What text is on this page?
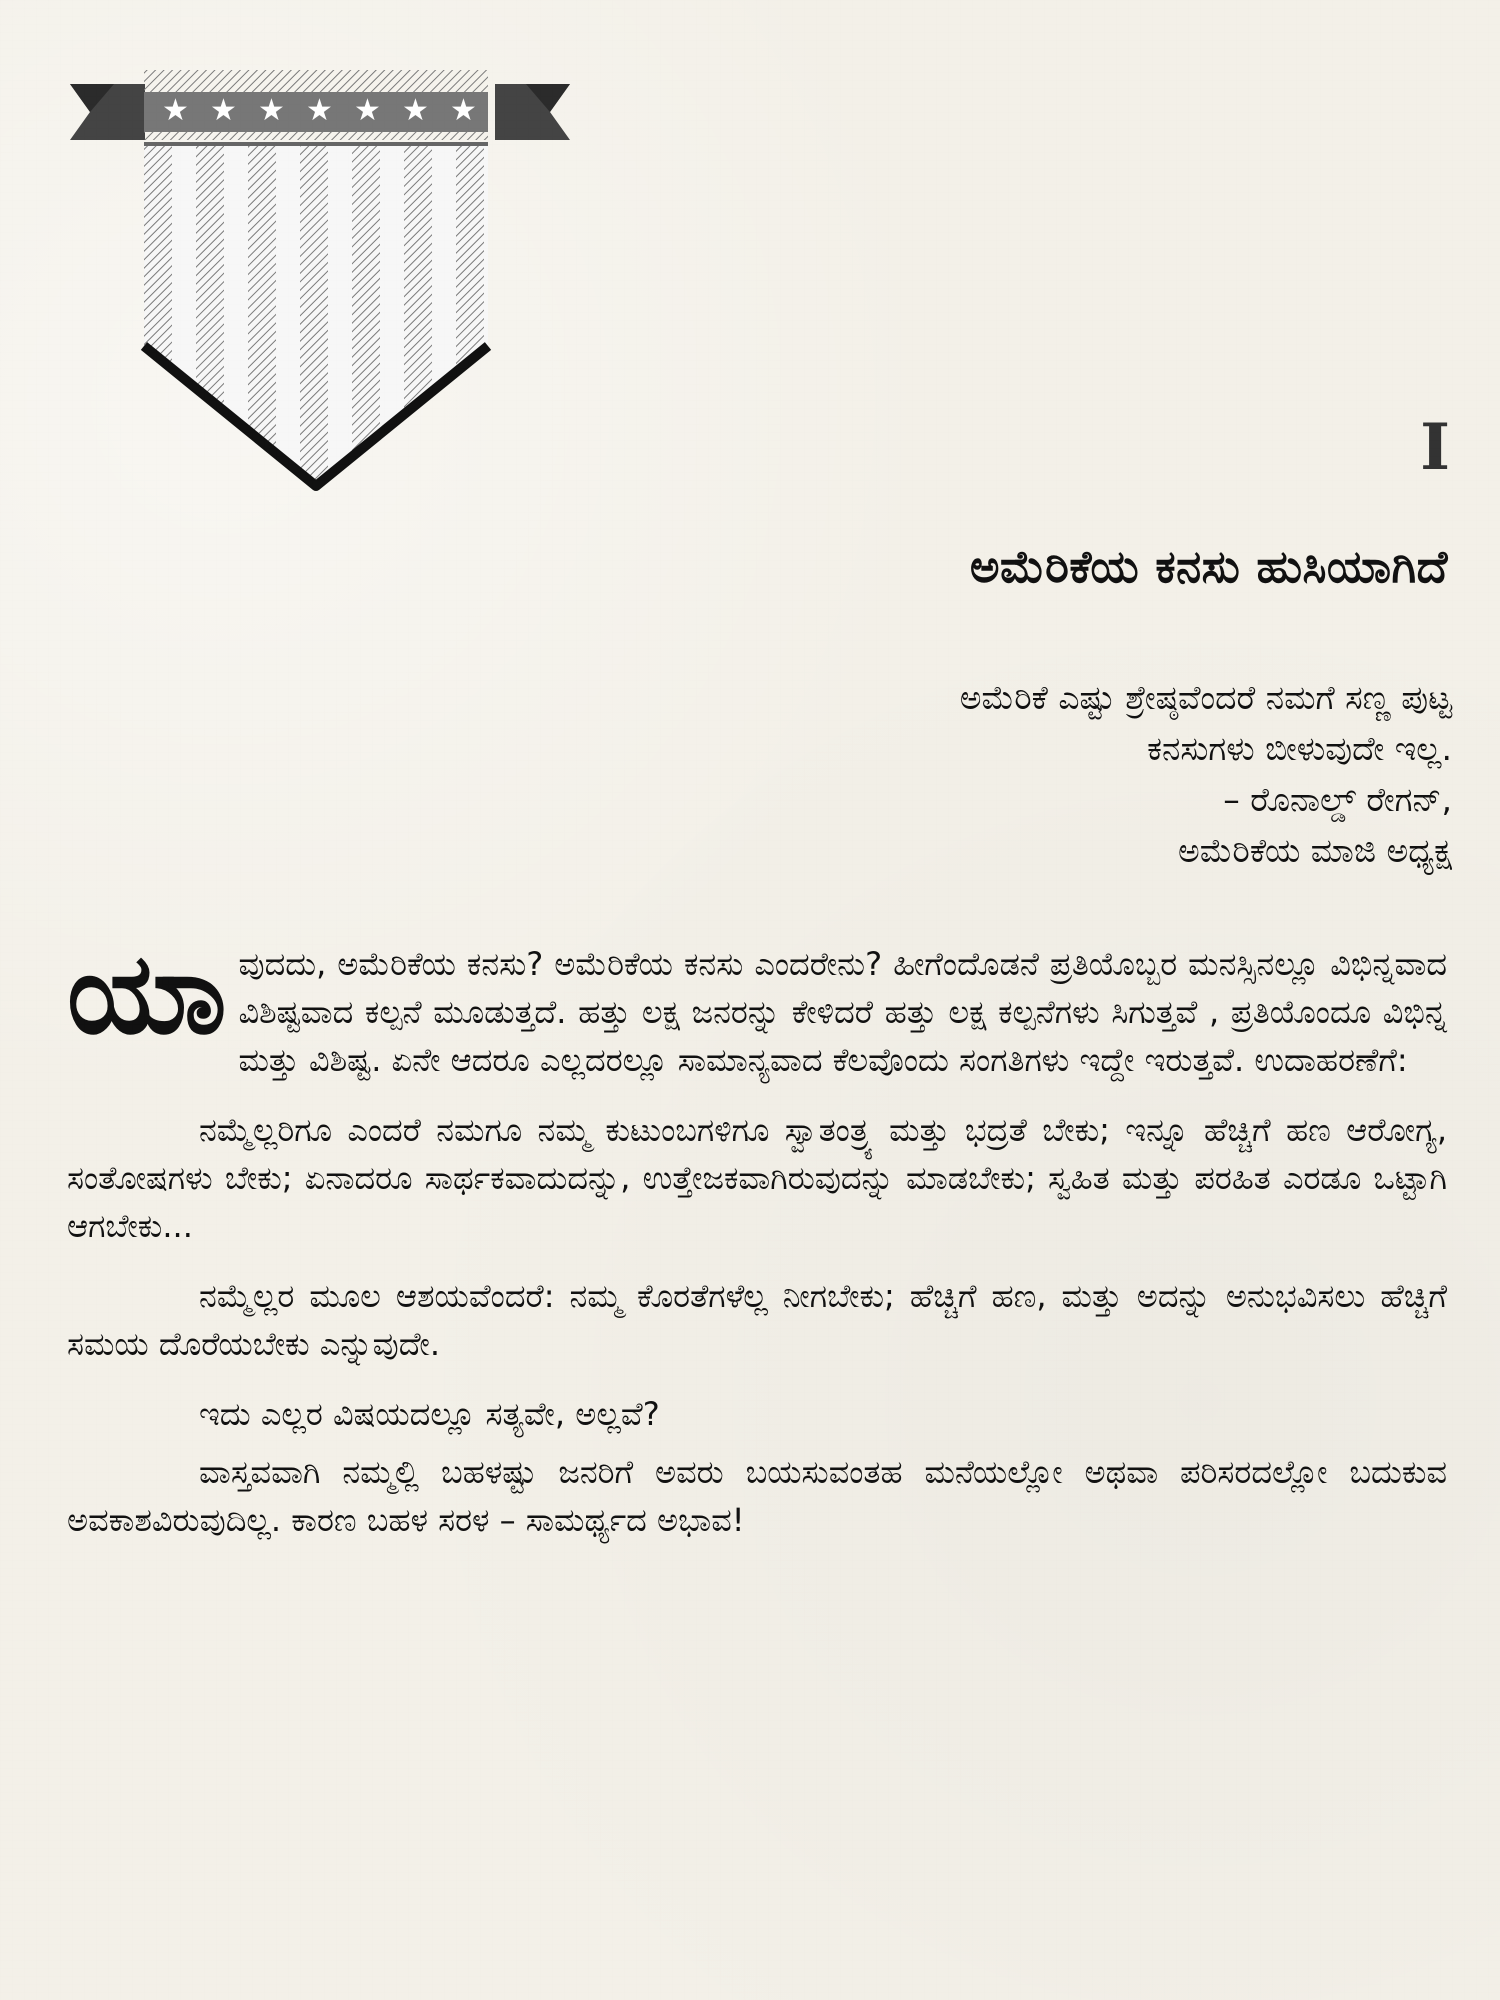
★ ★ ★ ★ ★ ★ ★
I
ಅಮೆರಿಕೆಯ ಕನಸು ಹುಸಿಯಾಗಿದೆ
ಅಮೆರಿಕೆ ಎಷ್ಟು ಶ್ರೇಷ್ಠವೆಂದರೆ ನಮಗೆ ಸಣ್ಣ ಪುಟ್ಟ
ಕನಸುಗಳು ಬೀಳುವುದೇ ಇಲ್ಲ.
– ರೊನಾಲ್ಡ್ ರೇಗನ್,
ಅಮೆರಿಕೆಯ ಮಾಜಿ ಅಧ್ಯಕ್ಷ

ಯಾ ವುದದು, ಅಮೆರಿಕೆಯ ಕನಸು? ಅಮೆರಿಕೆಯ ಕನಸು ಎಂದರೇನು? ಹೀಗೆಂದೊಡನೆ ಪ್ರತಿಯೊಬ್ಬರ ಮನಸ್ಸಿನಲ್ಲೂ ವಿಭಿನ್ನವಾದ ವಿಶಿಷ್ಟವಾದ ಕಲ್ಪನೆ ಮೂಡುತ್ತದೆ. ಹತ್ತು ಲಕ್ಷ ಜನರನ್ನು ಕೇಳಿದರೆ ಹತ್ತು ಲಕ್ಷ ಕಲ್ಪನೆಗಳು ಸಿಗುತ್ತವೆ , ಪ್ರತಿಯೊಂದೂ ವಿಭಿನ್ನ ಮತ್ತು ವಿಶಿಷ್ಟ. ಏನೇ ಆದರೂ ಎಲ್ಲದರಲ್ಲೂ ಸಾಮಾನ್ಯವಾದ ಕೆಲವೊಂದು ಸಂಗತಿಗಳು ಇದ್ದೇ ಇರುತ್ತವೆ. ಉದಾಹರಣೆಗೆ:

ನಮ್ಮೆಲ್ಲರಿಗೂ ಎಂದರೆ ನಮಗೂ ನಮ್ಮ ಕುಟುಂಬಗಳಿಗೂ ಸ್ವಾತಂತ್ರ್ಯ ಮತ್ತು ಭದ್ರತೆ ಬೇಕು; ಇನ್ನೂ ಹೆಚ್ಚಿಗೆ ಹಣ ಆರೋಗ್ಯ, ಸಂತೋಷಗಳು ಬೇಕು; ಏನಾದರೂ ಸಾರ್ಥಕವಾದುದನ್ನು, ಉತ್ತೇಜಕವಾಗಿರುವುದನ್ನು ಮಾಡಬೇಕು; ಸ್ವಹಿತ ಮತ್ತು ಪರಹಿತ ಎರಡೂ ಒಟ್ಟಾಗಿ ಆಗಬೇಕು...

ನಮ್ಮೆಲ್ಲರ ಮೂಲ ಆಶಯವೆಂದರೆ: ನಮ್ಮ ಕೊರತೆಗಳೆಲ್ಲ ನೀಗಬೇಕು; ಹೆಚ್ಚಿಗೆ ಹಣ, ಮತ್ತು ಅದನ್ನು ಅನುಭವಿಸಲು ಹೆಚ್ಚಿಗೆ ಸಮಯ ದೊರೆಯಬೇಕು ಎನ್ನುವುದೇ.

ಇದು ಎಲ್ಲರ ವಿಷಯದಲ್ಲೂ ಸತ್ಯವೇ, ಅಲ್ಲವೆ?

ವಾಸ್ತವವಾಗಿ ನಮ್ಮಲ್ಲಿ ಬಹಳಷ್ಟು ಜನರಿಗೆ ಅವರು ಬಯಸುವಂತಹ ಮನೆಯಲ್ಲೋ ಅಥವಾ ಪರಿಸರದಲ್ಲೋ ಬದುಕುವ ಅವಕಾಶವಿರುವುದಿಲ್ಲ. ಕಾರಣ ಬಹಳ ಸರಳ – ಸಾಮರ್ಥ್ಯದ ಅಭಾವ!
